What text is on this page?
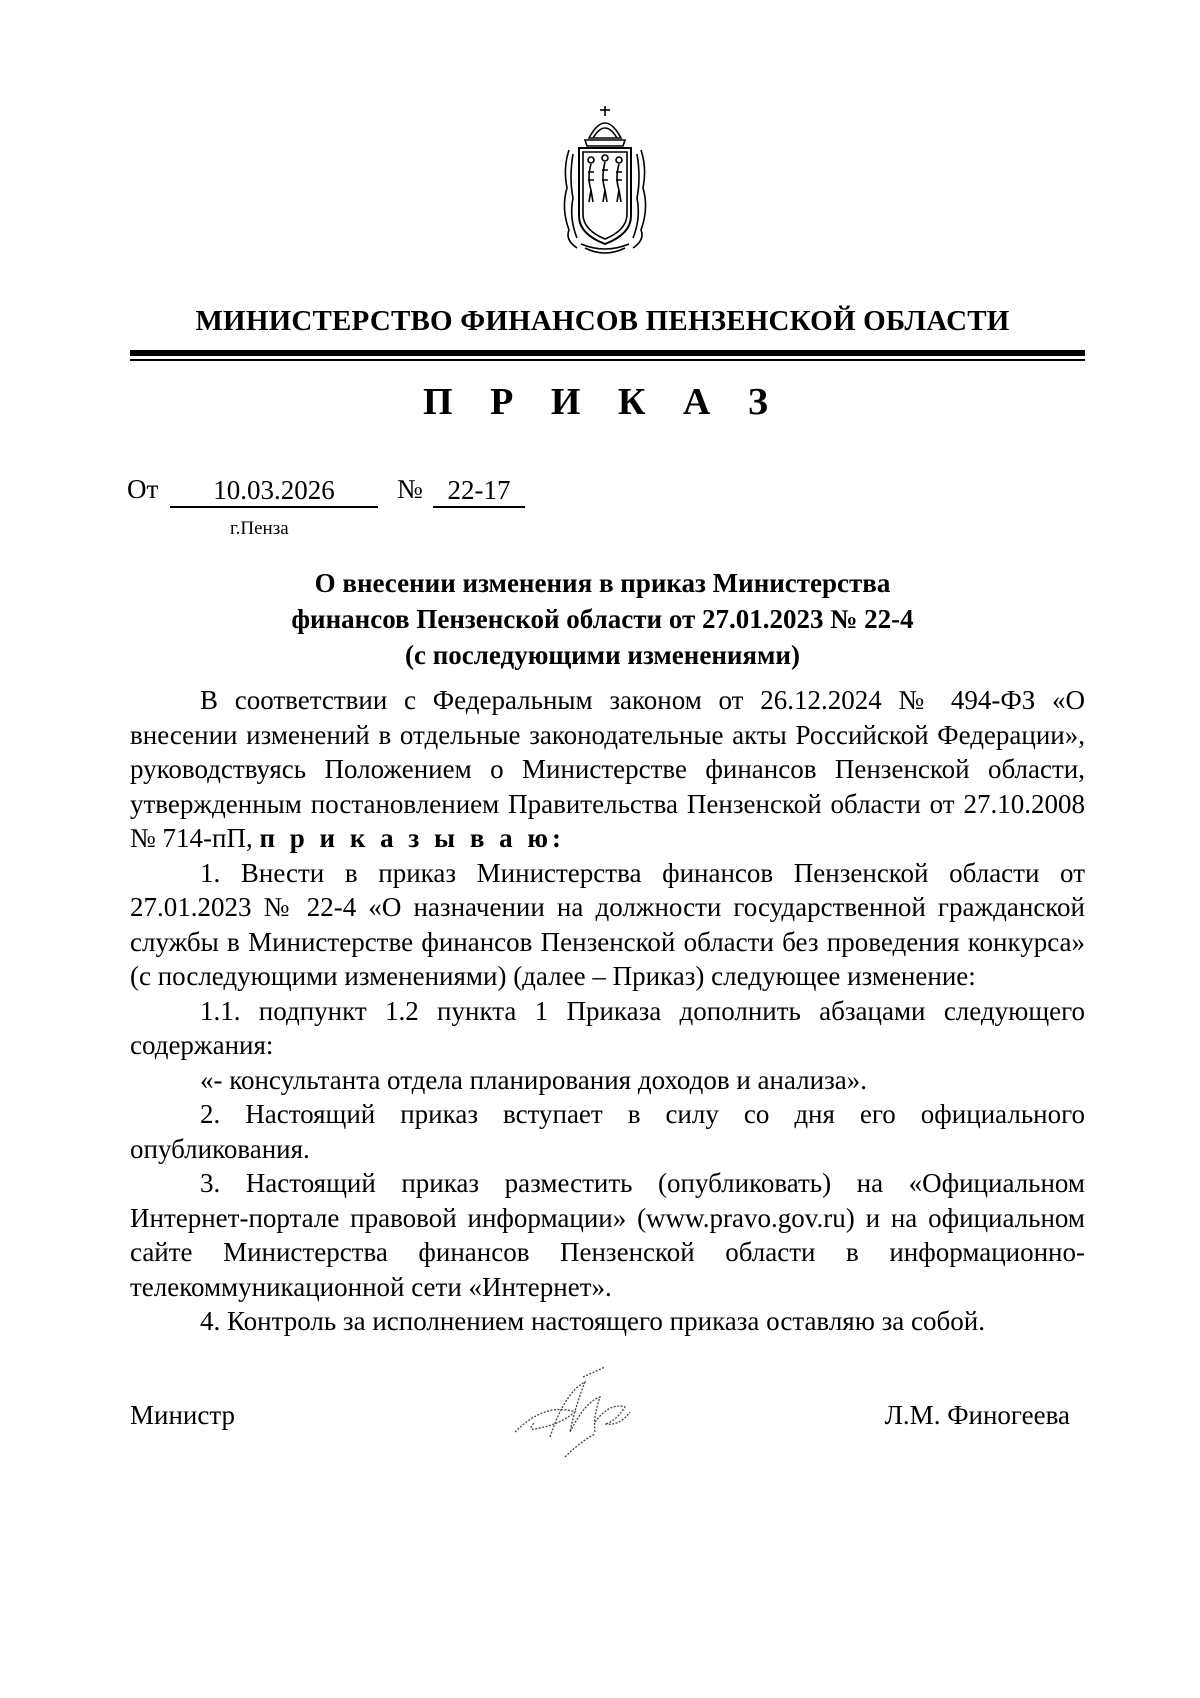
МИНИСТЕРСТВО ФИНАНСОВ ПЕНЗЕНСКОЙ ОБЛАСТИ
П Р И К А З
От	10.03.2026	№ 22-17
г.Пенза
О внесении изменения в приказ Министерства
финансов Пензенской области от 27.01.2023 № 22-4
(с последующими изменениями)

В соответствии с Федеральным законом от 26.12.2024 № 494-ФЗ «О внесении изменений в отдельные законодательные акты Российской Федерации», руководствуясь Положением о Министерстве финансов Пензенской области, утвержденным постановлением Правительства Пензенской области от 27.10.2008 № 714-пП, п р и к а з ы в а ю:

1. Внести в приказ Министерства финансов Пензенской области от 27.01.2023 № 22-4 «О назначении на должности государственной гражданской службы в Министерстве финансов Пензенской области без проведения конкурса» (с последующими изменениями) (далее – Приказ) следующее изменение:

1.1. подпункт 1.2 пункта 1 Приказа дополнить абзацами следующего содержания:

«- консультанта отдела планирования доходов и анализа».

2. Настоящий приказ вступает в силу со дня его официального опубликования.

3. Настоящий приказ разместить (опубликовать) на «Официальном Интернет-портале правовой информации» (www.pravo.gov.ru) и на официальном сайте Министерства финансов Пензенской области в информационно-телекоммуникационной сети «Интернет».

4. Контроль за исполнением настоящего приказа оставляю за собой.

Министр	Л.М. Финогеева
